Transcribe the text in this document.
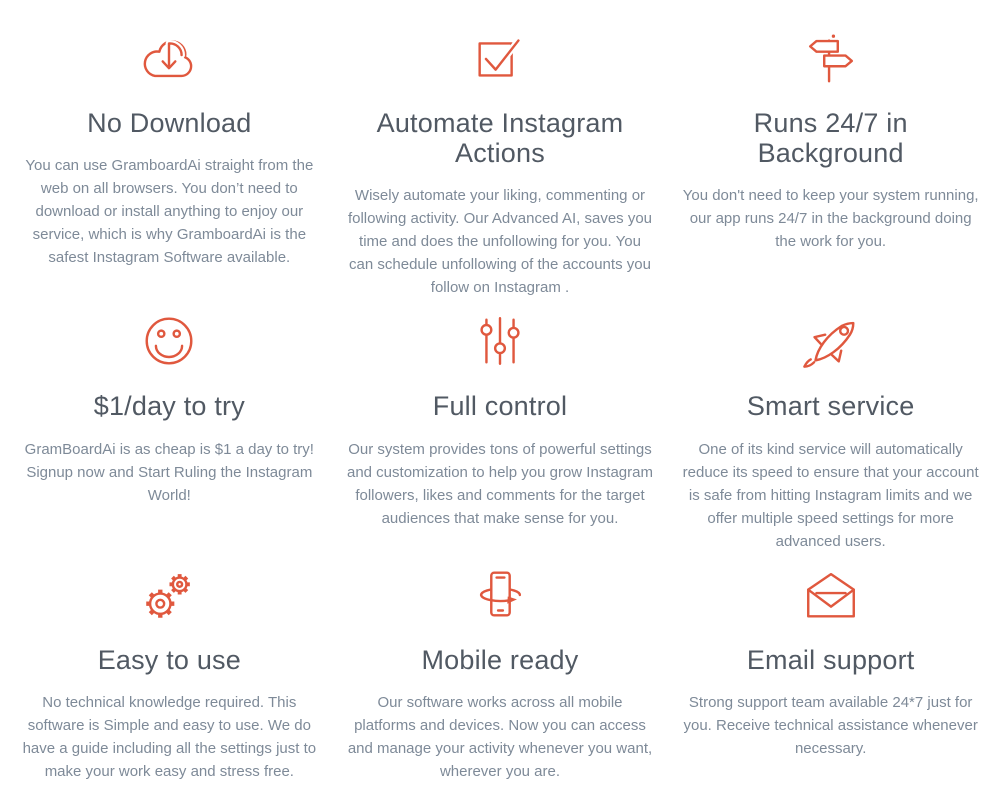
No Download

You can use GramboardAi straight from the web on all browsers. You don’t need to download or install anything to enjoy our service, which is why GramboardAi is the safest Instagram Software available.

Automate Instagram Actions

Wisely automate your liking, commenting or following activity. Our Advanced AI, saves you time and does the unfollowing for you. You can schedule unfollowing of the accounts you follow on Instagram .

Runs 24/7 in Background

You don't need to keep your system running, our app runs 24/7 in the background doing the work for you.

$1/day to try

GramBoardAi is as cheap is $1 a day to try! Signup now and Start Ruling the Instagram World!

Full control

Our system provides tons of powerful settings and customization to help you grow Instagram followers, likes and comments for the target audiences that make sense for you.

Smart service

One of its kind service will automatically reduce its speed to ensure that your account is safe from hitting Instagram limits and we offer multiple speed settings for more advanced users.

Easy to use

No technical knowledge required. This software is Simple and easy to use. We do have a guide including all the settings just to make your work easy and stress free.

Mobile ready

Our software works across all mobile platforms and devices. Now you can access and manage your activity whenever you want, wherever you are.

Email support

Strong support team available 24*7 just for you. Receive technical assistance whenever necessary.
